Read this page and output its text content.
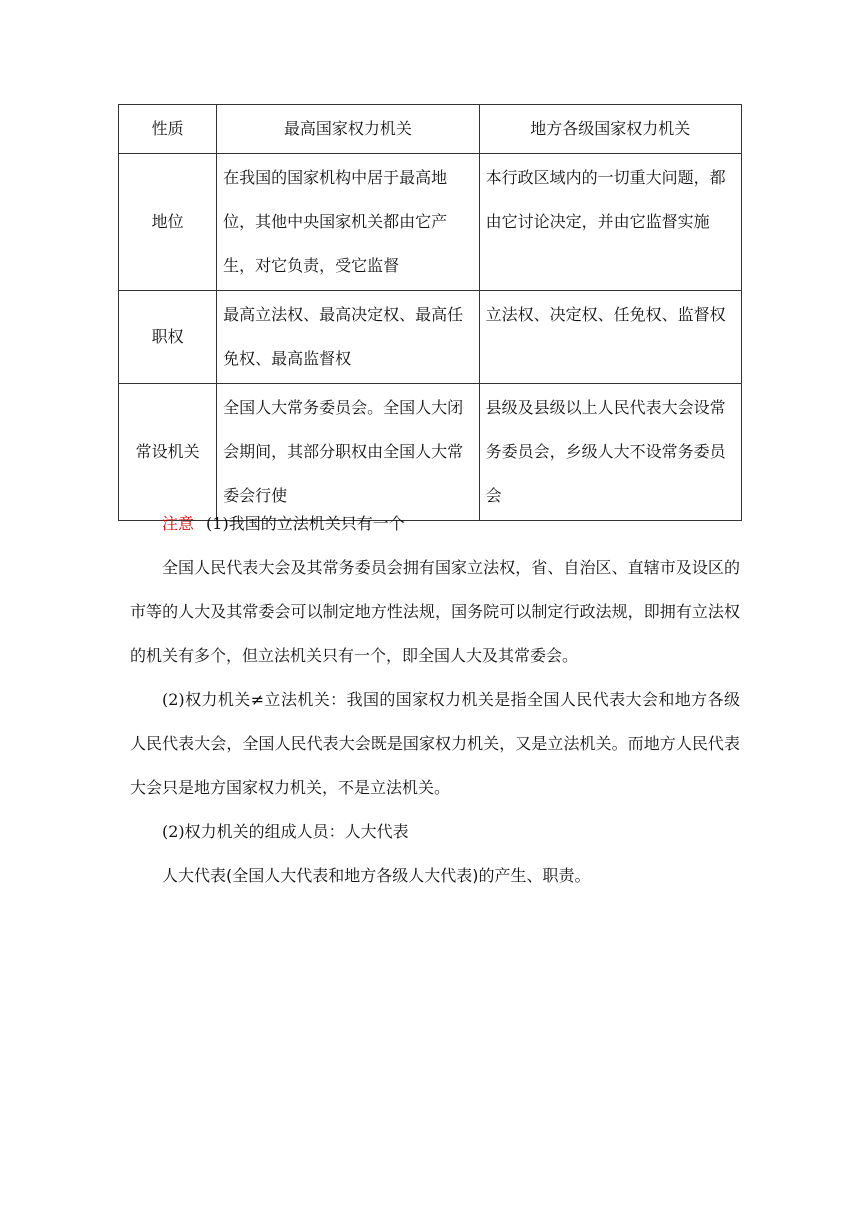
性质	最高国家权力机关	地方各级国家权力机关
地位	在我国的国家机构中居于最高地位，其他中央国家机关都由它产生，对它负责，受它监督	本行政区域内的一切重大问题，都由它讨论决定，并由它监督实施
职权	最高立法权、最高决定权、最高任免权、最高监督权	立法权、决定权、任免权、监督权
常设机关	全国人大常务委员会。全国人大闭会期间，其部分职权由全国人大常委会行使	县级及县级以上人民代表大会设常务委员会，乡级人大不设常务委员会

注意 (1)我国的立法机关只有一个

全国人民代表大会及其常务委员会拥有国家立法权，省、自治区、直辖市及设区的市等的人大及其常委会可以制定地方性法规，国务院可以制定行政法规，即拥有立法权的机关有多个，但立法机关只有一个，即全国人大及其常委会。

(2)权力机关≠立法机关：我国的国家权力机关是指全国人民代表大会和地方各级人民代表大会，全国人民代表大会既是国家权力机关，又是立法机关。而地方人民代表大会只是地方国家权力机关，不是立法机关。

(2)权力机关的组成人员：人大代表

人大代表(全国人大代表和地方各级人大代表)的产生、职责。
